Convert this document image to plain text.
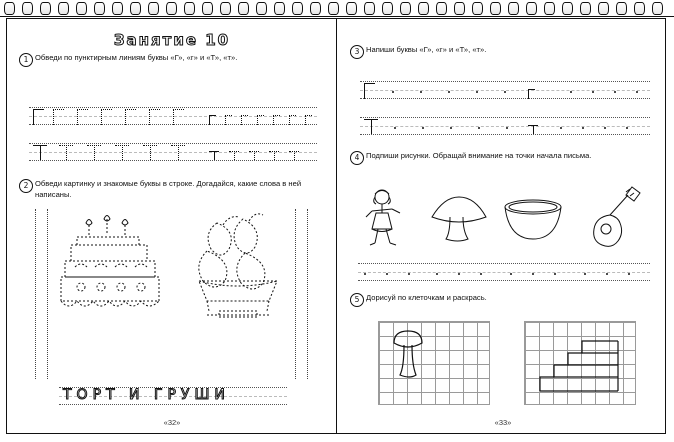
Занятие 10
1 Обведи по пунктирным линиям буквы «Г», «г» и «Т», «т».
2 Обведи картинку и знакомые буквы в строке. Догадайся, какие слова в ней написаны.
ТОРТ И ГРУШИ
«32»
3 Напиши буквы «Г», «г» и «Т», «т».
4 Подпиши рисунки. Обращай внимание на точки начала письма.
5 Дорисуй по клеточкам и раскрась.
«33»
